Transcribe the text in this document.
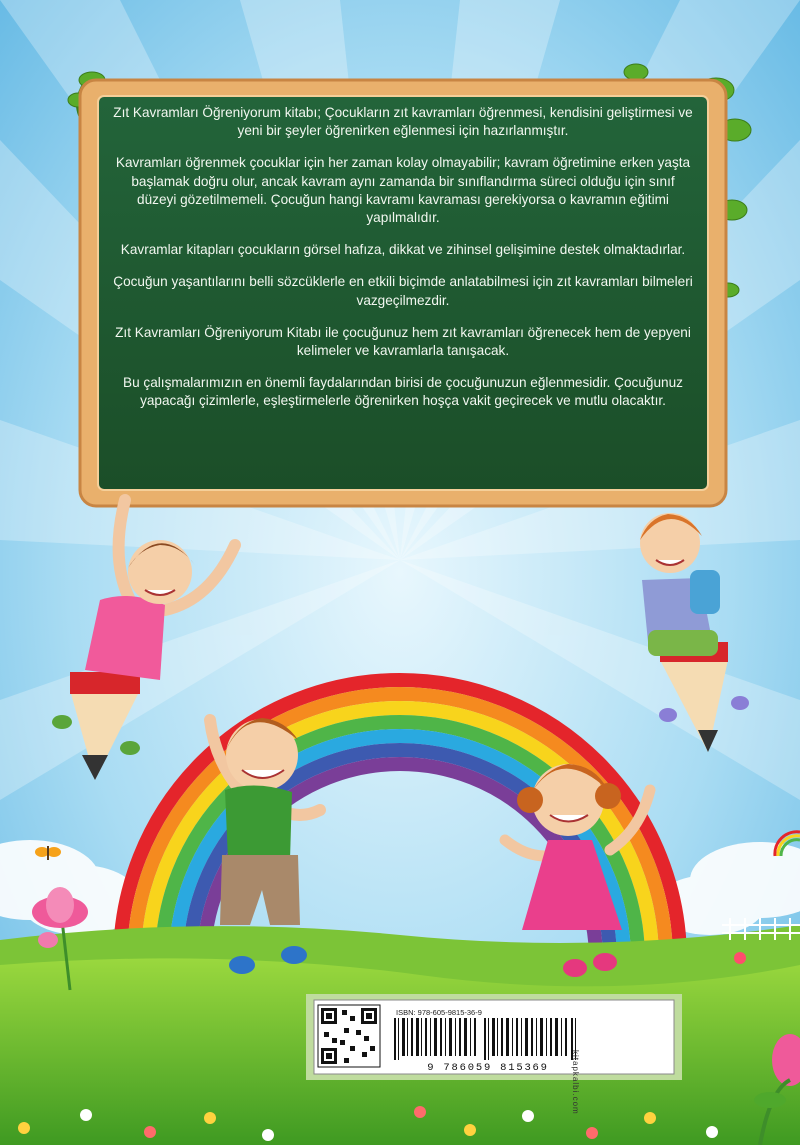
Zıt Kavramları Öğreniyorum kitabı; Çocukların zıt kavramları öğrenmesi, kendisini geliştirmesi ve yeni bir şeyler öğrenirken eğlenmesi için hazırlanmıştır.

Kavramları öğrenmek çocuklar için her zaman kolay olmayabilir; kavram öğretimine erken yaşta başlamak doğru olur, ancak kavram aynı zamanda bir sınıflandırma süreci olduğu için sınıf düzeyi gözetilmemeli. Çocuğun hangi kavramı kavraması gerekiyorsa o kavramın eğitimi yapılmalıdır.

Kavramlar kitapları çocukların görsel hafıza, dikkat ve zihinsel gelişimine destek olmaktadırlar.

Çocuğun yaşantılarını belli sözcüklerle en etkili biçimde anlatabilmesi için zıt kavramları bilmeleri vazgeçilmezdir.

Zıt Kavramları Öğreniyorum Kitabı ile çocuğunuz hem zıt kavramları öğrenecek hem de yepyeni kelimeler ve kavramlarla tanışacak.

Bu çalışmalarımızın en önemli faydalarından birisi de çocuğunuzun eğlenmesidir. Çocuğunuz yapacağı çizimlerle, eşleştirmelerle öğrenirken hoşça vakit geçirecek ve mutlu olacaktır.

ISBN: 978-605-9815-36-9
9 786059 815369	kitapkalbi.com
